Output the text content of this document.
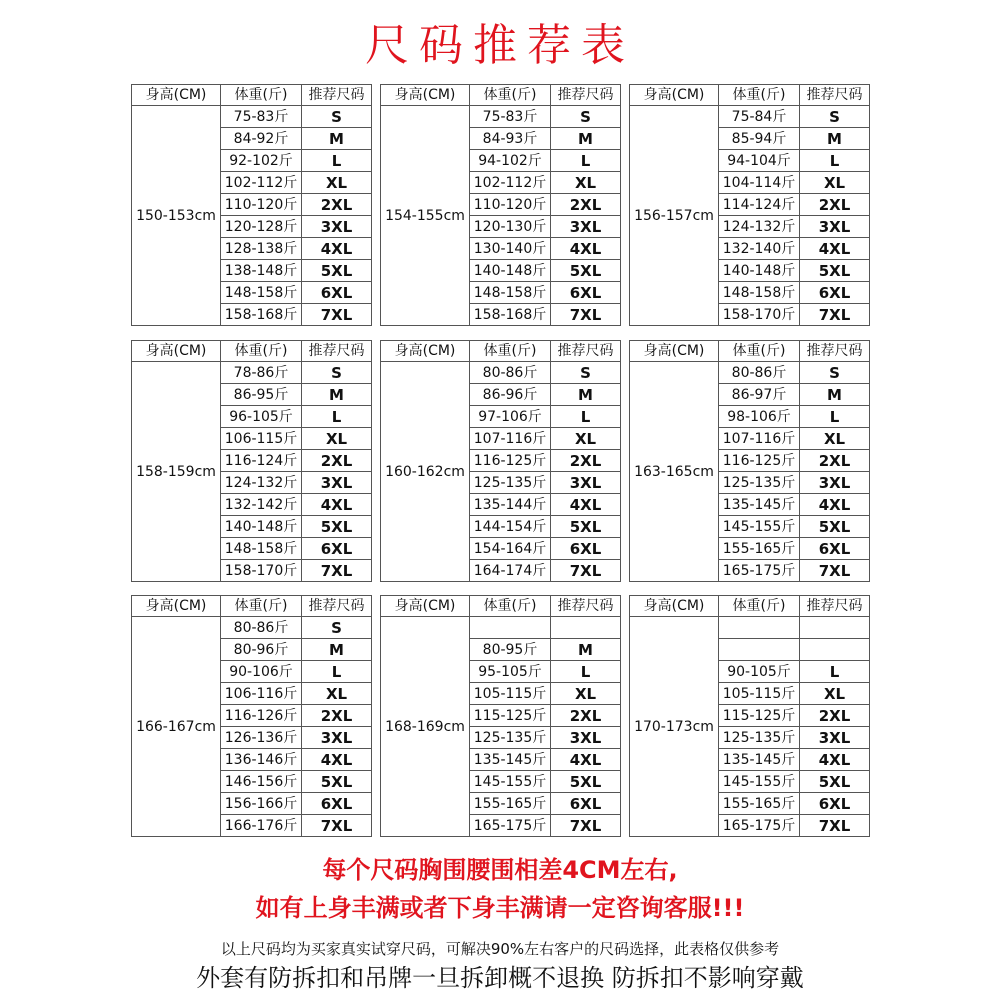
尺码推荐表
身高(CM)	体重(斤)	推荐尺码
150-153cm	75-83斤	S
	84-92斤	M
	92-102斤	L
	102-112斤	XL
	110-120斤	2XL
	120-128斤	3XL
	128-138斤	4XL
	138-148斤	5XL
	148-158斤	6XL
	158-168斤	7XL
身高(CM)	体重(斤)	推荐尺码
154-155cm	75-83斤	S
	84-93斤	M
	94-102斤	L
	102-112斤	XL
	110-120斤	2XL
	120-130斤	3XL
	130-140斤	4XL
	140-148斤	5XL
	148-158斤	6XL
	158-168斤	7XL
身高(CM)	体重(斤)	推荐尺码
156-157cm	75-84斤	S
	85-94斤	M
	94-104斤	L
	104-114斤	XL
	114-124斤	2XL
	124-132斤	3XL
	132-140斤	4XL
	140-148斤	5XL
	148-158斤	6XL
	158-170斤	7XL
身高(CM)	体重(斤)	推荐尺码
158-159cm	78-86斤	S
	86-95斤	M
	96-105斤	L
	106-115斤	XL
	116-124斤	2XL
	124-132斤	3XL
	132-142斤	4XL
	140-148斤	5XL
	148-158斤	6XL
	158-170斤	7XL
身高(CM)	体重(斤)	推荐尺码
160-162cm	80-86斤	S
	86-96斤	M
	97-106斤	L
	107-116斤	XL
	116-125斤	2XL
	125-135斤	3XL
	135-144斤	4XL
	144-154斤	5XL
	154-164斤	6XL
	164-174斤	7XL
身高(CM)	体重(斤)	推荐尺码
163-165cm	80-86斤	S
	86-97斤	M
	98-106斤	L
	107-116斤	XL
	116-125斤	2XL
	125-135斤	3XL
	135-145斤	4XL
	145-155斤	5XL
	155-165斤	6XL
	165-175斤	7XL
身高(CM)	体重(斤)	推荐尺码
166-167cm	80-86斤	S
	80-96斤	M
	90-106斤	L
	106-116斤	XL
	116-126斤	2XL
	126-136斤	3XL
	136-146斤	4XL
	146-156斤	5XL
	156-166斤	6XL
	166-176斤	7XL
身高(CM)	体重(斤)	推荐尺码
168-169cm		
	80-95斤	M
	95-105斤	L
	105-115斤	XL
	115-125斤	2XL
	125-135斤	3XL
	135-145斤	4XL
	145-155斤	5XL
	155-165斤	6XL
	165-175斤	7XL
身高(CM)	体重(斤)	推荐尺码
170-173cm		

	90-105斤	L
	105-115斤	XL
	115-125斤	2XL
	125-135斤	3XL
	135-145斤	4XL
	145-155斤	5XL
	155-165斤	6XL
	165-175斤	7XL
每个尺码胸围腰围相差4CM左右,
如有上身丰满或者下身丰满请一定咨询客服!!!
以上尺码均为买家真实试穿尺码，可解决90%左右客户的尺码选择，此表格仅供参考
外套有防拆扣和吊牌一旦拆卸概不退换 防拆扣不影响穿戴
